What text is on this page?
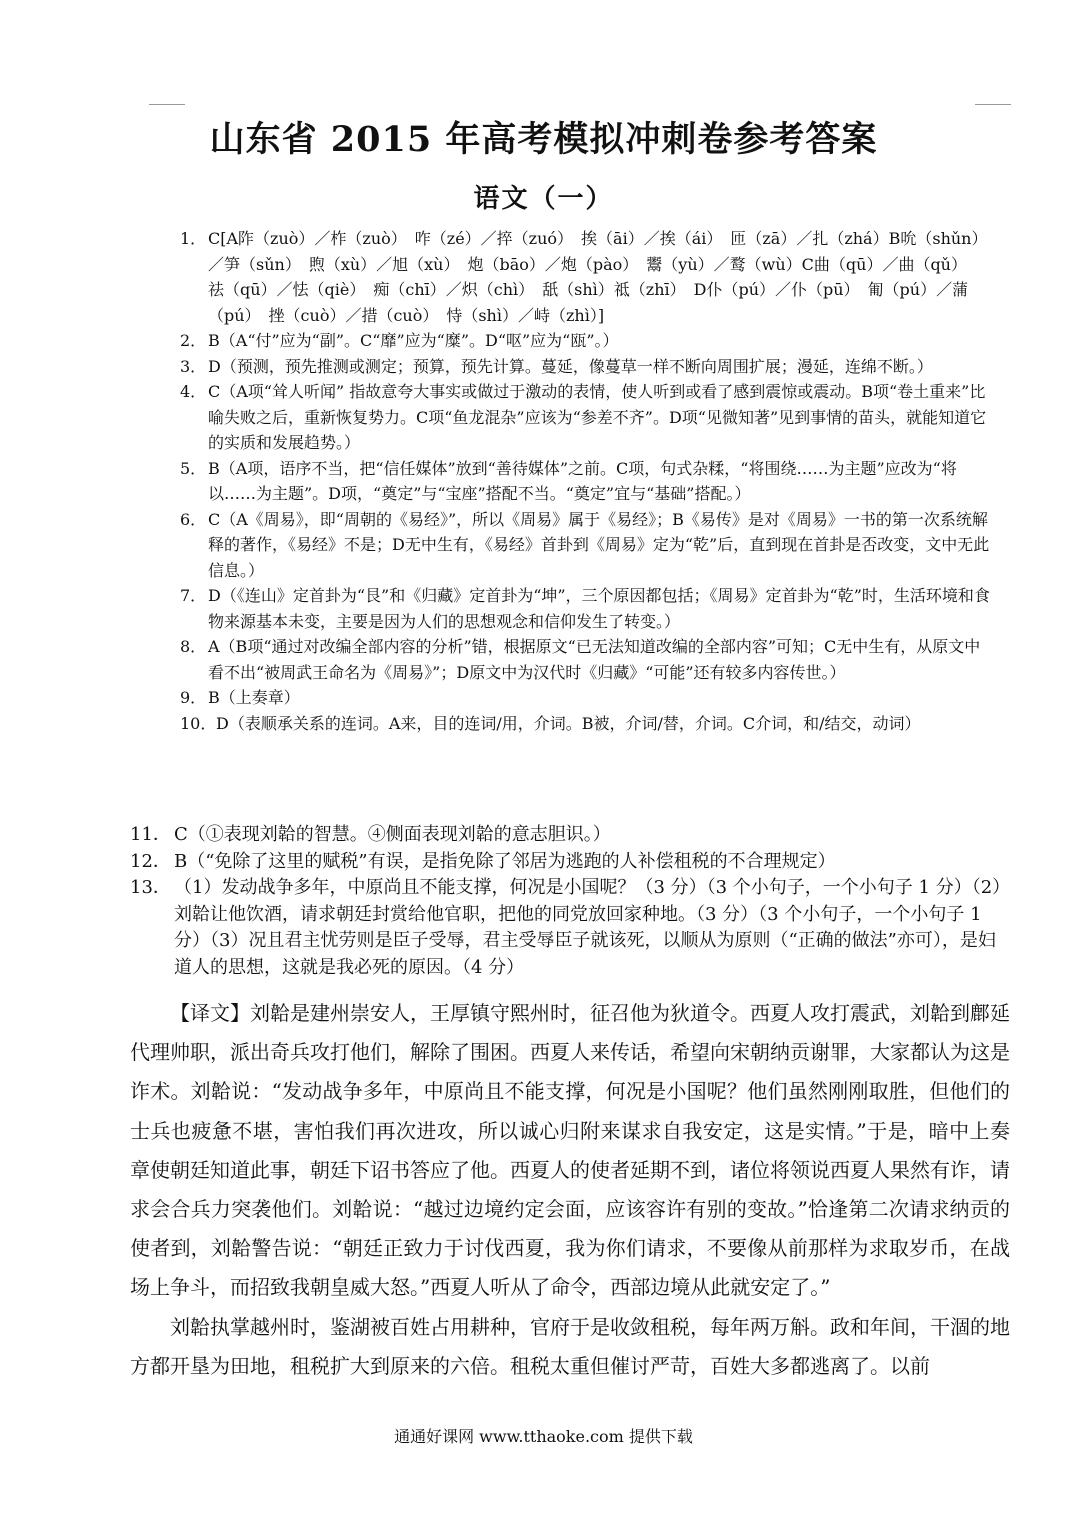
山东省 2015 年高考模拟冲刺卷参考答案
语文（一）
1． C[A阼（zuò）／柞（zuò）　咋（zé）／捽（zuó）　挨（āi）／挨（ái）　匝（zā）／扎（zhá）B吮（shǔn）／笋（sǔn）　煦（xù）／旭（xù）　炮（bāo）／炮（pào）　鬻（yù）／鹜（wù）C曲（qū）／曲（qǔ）　祛（qū）／怯（qiè）　痴（chī）／炽（chì）　舐（shì）祗（zhī）　D仆（pú）／仆（pū）　匍（pú）／蒲（pú）　挫（cuò）／措（cuò）　恃（shì）／峙（zhì）]
2． B（A“付”应为“副”。C“靡”应为“糜”。D“呕”应为“瓯”。）
3． D（预测，预先推测或测定；预算，预先计算。蔓延，像蔓草一样不断向周围扩展；漫延，连绵不断。）
4． C（A项“耸人听闻” 指故意夸大事实或做过于激动的表情，使人听到或看了感到震惊或震动。B项“卷土重来”比喻失败之后，重新恢复势力。C项“鱼龙混杂”应该为“参差不齐”。D项“见微知著”见到事情的苗头，就能知道它的实质和发展趋势。）
5． B（A项，语序不当，把“信任媒体”放到“善待媒体”之前。C项，句式杂糅，“将围绕……为主题”应改为“将以……为主题”。D项，“奠定”与“宝座”搭配不当。“奠定”宜与“基础”搭配。）
6． C（A《周易》，即“周朝的《易经》”，所以《周易》属于《易经》；B《易传》是对《周易》一书的第一次系统解释的著作，《易经》不是；D无中生有，《易经》首卦到《周易》定为“乾”后，直到现在首卦是否改变，文中无此信息。）
7． D（《连山》定首卦为“艮”和《归藏》定首卦为“坤”，三个原因都包括；《周易》定首卦为“乾”时，生活环境和食物来源基本未变，主要是因为人们的思想观念和信仰发生了转变。）
8． A（B项“通过对改编全部内容的分析”错，根据原文“已无法知道改编的全部内容”可知；C无中生有，从原文中看不出“被周武王命名为《周易》”；D原文中为汉代时《归藏》“可能”还有较多内容传世。）
9． B（上奏章）
10． D（表顺承关系的连词。A来，目的连词/用，介词。B被，介词/替，介词。C介词，和/结交，动词）
11． C（①表现刘韐的智慧。④侧面表现刘韐的意志胆识。）
12． B（“免除了这里的赋税”有误，是指免除了邻居为逃跑的人补偿租税的不合理规定）
13． （1）发动战争多年，中原尚且不能支撑，何况是小国呢？（3 分）（3 个小句子，一个小句子 1 分）（2）刘韐让他饮酒，请求朝廷封赏给他官职，把他的同党放回家种地。（3 分）（3 个小句子，一个小句子 1 分）（3）况且君主忧劳则是臣子受辱，君主受辱臣子就该死，以顺从为原则（“正确的做法”亦可），是妇道人的思想，这就是我必死的原因。（4 分）

【译文】刘韐是建州崇安人，王厚镇守熙州时，征召他为狄道令。西夏人攻打震武，刘韐到鄜延代理帅职，派出奇兵攻打他们，解除了围困。西夏人来传话，希望向宋朝纳贡谢罪，大家都认为这是诈术。刘韐说：“发动战争多年，中原尚且不能支撑，何况是小国呢？他们虽然刚刚取胜，但他们的士兵也疲惫不堪，害怕我们再次进攻，所以诚心归附来谋求自我安定，这是实情。”于是，暗中上奏章使朝廷知道此事，朝廷下诏书答应了他。西夏人的使者延期不到，诸位将领说西夏人果然有诈，请求会合兵力突袭他们。刘韐说：“越过边境约定会面，应该容许有别的变故。”恰逢第二次请求纳贡的使者到，刘韐警告说：“朝廷正致力于讨伐西夏，我为你们请求，不要像从前那样为求取岁币，在战场上争斗，而招致我朝皇威大怒。”西夏人听从了命令，西部边境从此就安定了。”

刘韐执掌越州时，鉴湖被百姓占用耕种，官府于是收敛租税，每年两万斛。政和年间，干涸的地方都开垦为田地，租税扩大到原来的六倍。租税太重但催讨严苛，百姓大多都逃离了。以前

通通好课网 www.tthaoke.com 提供下载
